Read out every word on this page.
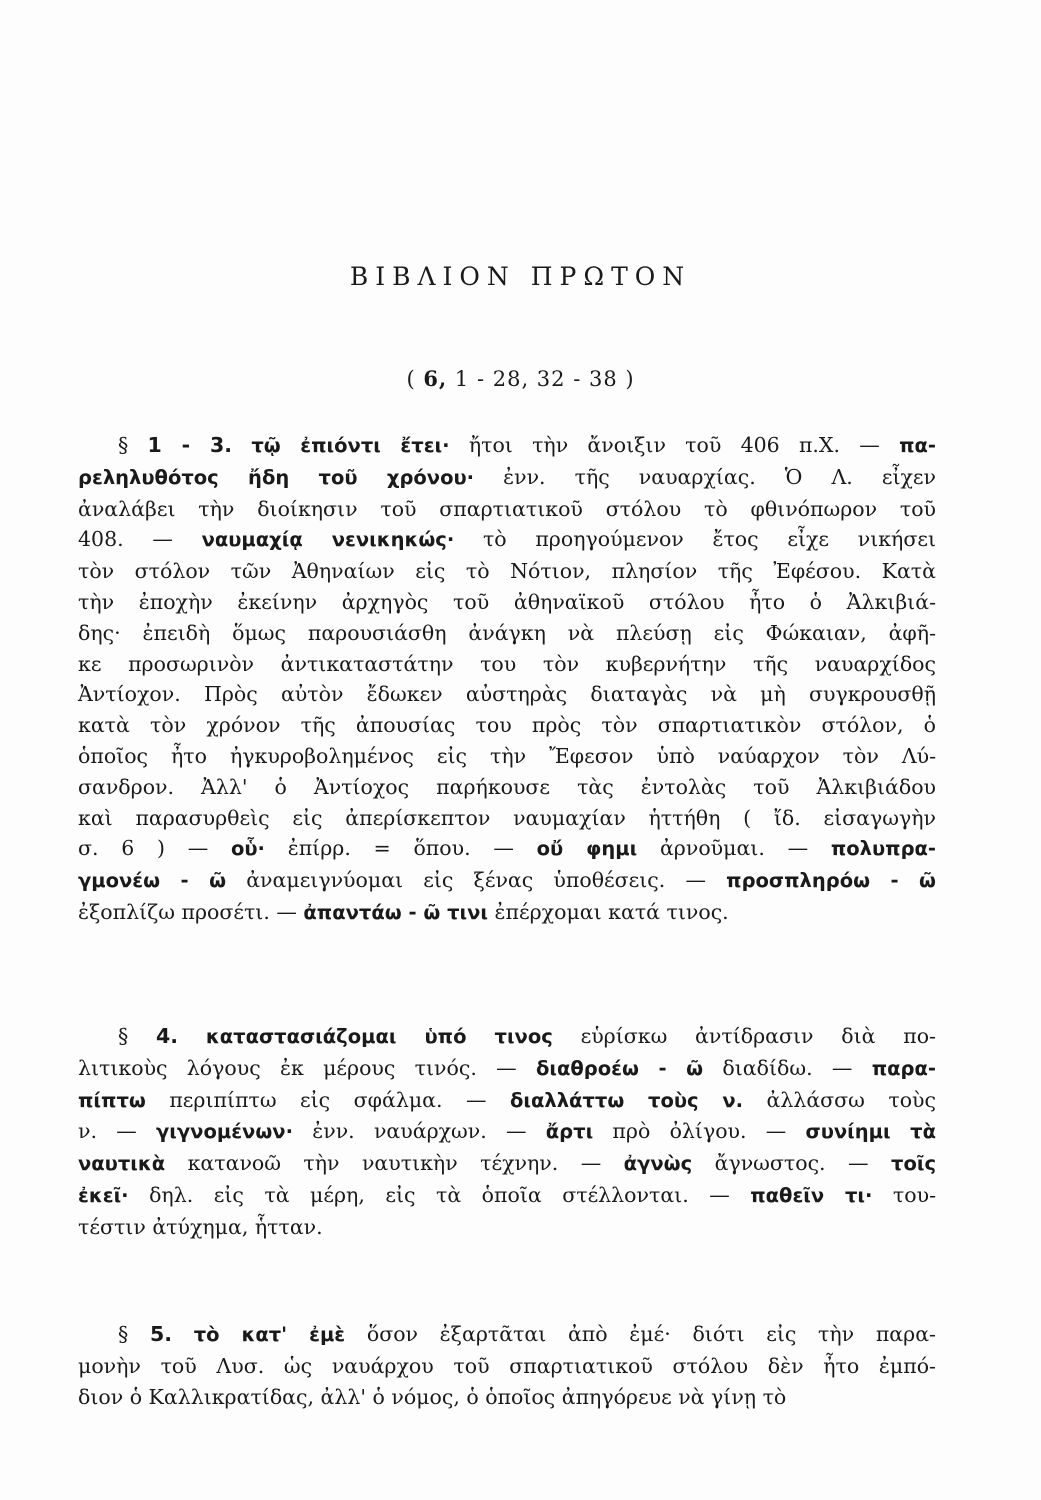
ΒΙΒΛΙΟΝ ΠΡΩΤΟΝ
( 6, 1 - 28, 32 - 38 )
§ 1 - 3. τῷ ἐπιόντι ἔτει· ἤτοι τὴν ἄνοιξιν τοῦ 406 π.Χ. — πα-
ρεληλυθότος ἤδη τοῦ χρόνου· ἐνν. τῆς ναυαρχίας. Ὁ Λ. εἶχεν
ἀναλάβει τὴν διοίκησιν τοῦ σπαρτιατικοῦ στόλου τὸ φθινόπωρον τοῦ
408. — ναυμαχίᾳ νενικηκώς· τὸ προηγούμενον ἔτος εἶχε νικήσει
τὸν στόλον τῶν Ἀθηναίων εἰς τὸ Νότιον, πλησίον τῆς Ἐφέσου. Κατὰ
τὴν ἐποχὴν ἐκείνην ἀρχηγὸς τοῦ ἀθηναϊκοῦ στόλου ἦτο ὁ Ἀλκιβιά-
δης· ἐπειδὴ ὅμως παρουσιάσθη ἀνάγκη νὰ πλεύσῃ εἰς Φώκαιαν, ἀφῆ-
κε προσωρινὸν ἀντικαταστάτην του τὸν κυβερνήτην τῆς ναυαρχίδος
Ἀντίοχον. Πρὸς αὐτὸν ἔδωκεν αὐστηρὰς διαταγὰς νὰ μὴ συγκρουσθῇ
κατὰ τὸν χρόνον τῆς ἀπουσίας του πρὸς τὸν σπαρτιατικὸν στόλον, ὁ
ὁποῖος ἦτο ἠγκυροβολημένος εἰς τὴν Ἔφεσον ὑπὸ ναύαρχον τὸν Λύ-
σανδρον. Ἀλλ' ὁ Ἀντίοχος παρήκουσε τὰς ἐντολὰς τοῦ Ἀλκιβιάδου
καὶ παρασυρθεὶς εἰς ἀπερίσκεπτον ναυμαχίαν ἡττήθη ( ἴδ. εἰσαγωγὴν
σ. 6 ) — οὗ· ἐπίρρ. = ὅπου. — οὔ φημι ἀρνοῦμαι. — πολυπρα-
γμονέω - ῶ ἀναμειγνύομαι εἰς ξένας ὑποθέσεις. — προσπληρόω - ῶ
ἐξοπλίζω προσέτι. — ἀπαντάω - ῶ τινι ἐπέρχομαι κατά τινος.
§ 4. καταστασιάζομαι ὑπό τινος εὑρίσκω ἀντίδρασιν διὰ πο-
λιτικοὺς λόγους ἐκ μέρους τινός. — διαθροέω - ῶ διαδίδω. — παρα-
πίπτω περιπίπτω εἰς σφάλμα. — διαλλάττω τοὺς ν. ἀλλάσσω τοὺς
ν. — γιγνομένων· ἐνν. ναυάρχων. — ἄρτι πρὸ ὀλίγου. — συνίημι τὰ
ναυτικὰ κατανοῶ τὴν ναυτικὴν τέχνην. — ἀγνὼς ἄγνωστος. — τοῖς
ἐκεῖ· δηλ. εἰς τὰ μέρη, εἰς τὰ ὁποῖα στέλλονται. — παθεῖν τι· του-
τέστιν ἀτύχημα, ἧτταν.
§ 5. τὸ κατ' ἐμὲ ὅσον ἐξαρτᾶται ἀπὸ ἐμέ· διότι εἰς τὴν παρα-
μονὴν τοῦ Λυσ. ὡς ναυάρχου τοῦ σπαρτιατικοῦ στόλου δὲν ἦτο ἐμπό-
διον ὁ Καλλικρατίδας, ἀλλ' ὁ νόμος, ὁ ὁποῖος ἀπηγόρευε νὰ γίνῃ τὸ
